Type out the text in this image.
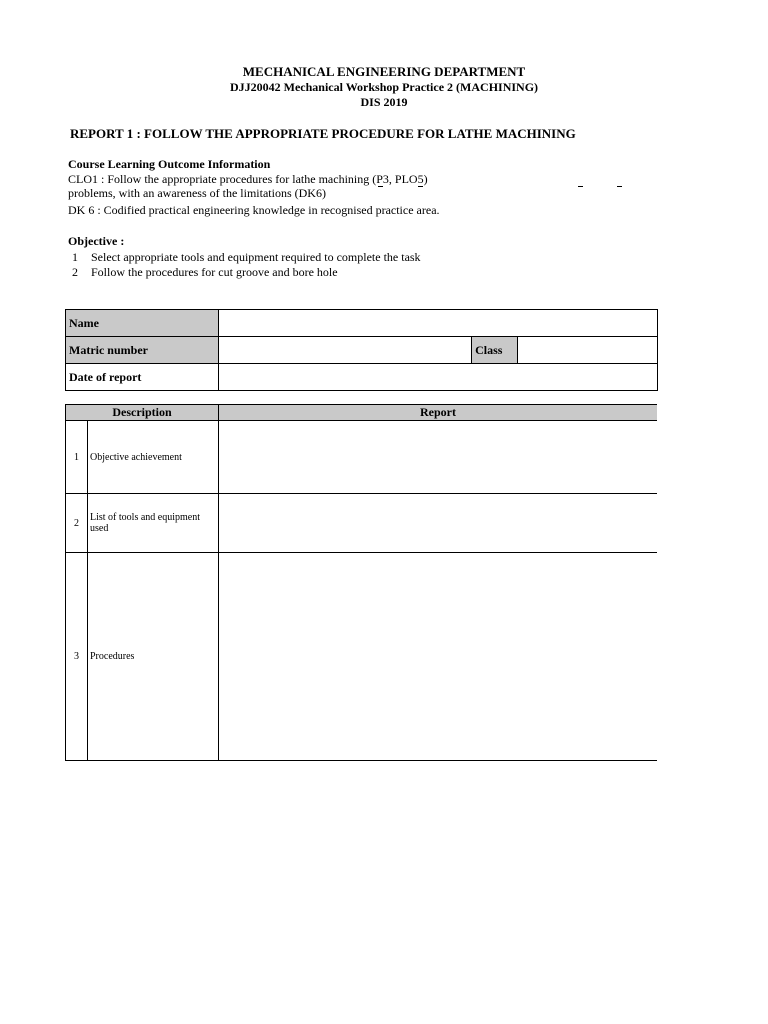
MECHANICAL ENGINEERING DEPARTMENT
DJJ20042 Mechanical Workshop Practice 2 (MACHINING)
DIS 2019
REPORT 1 : FOLLOW THE APPROPRIATE PROCEDURE FOR LATHE MACHINING
Course Learning Outcome Information
CLO1 : Follow the appropriate procedures for lathe machining (P3, PLO5)
problems, with an awareness of the limitations (DK6)
DK 6 : Codified practical engineering knowledge in recognised practice area.
Objective :
1 Select appropriate tools and equipment required to complete the task
2 Follow the procedures for cut groove and bore hole
Name			
Matric number		Class	
Date of report			
Description		Report
1	Objective achievement	
2	List of tools and equipment used	
3	Procedures	
